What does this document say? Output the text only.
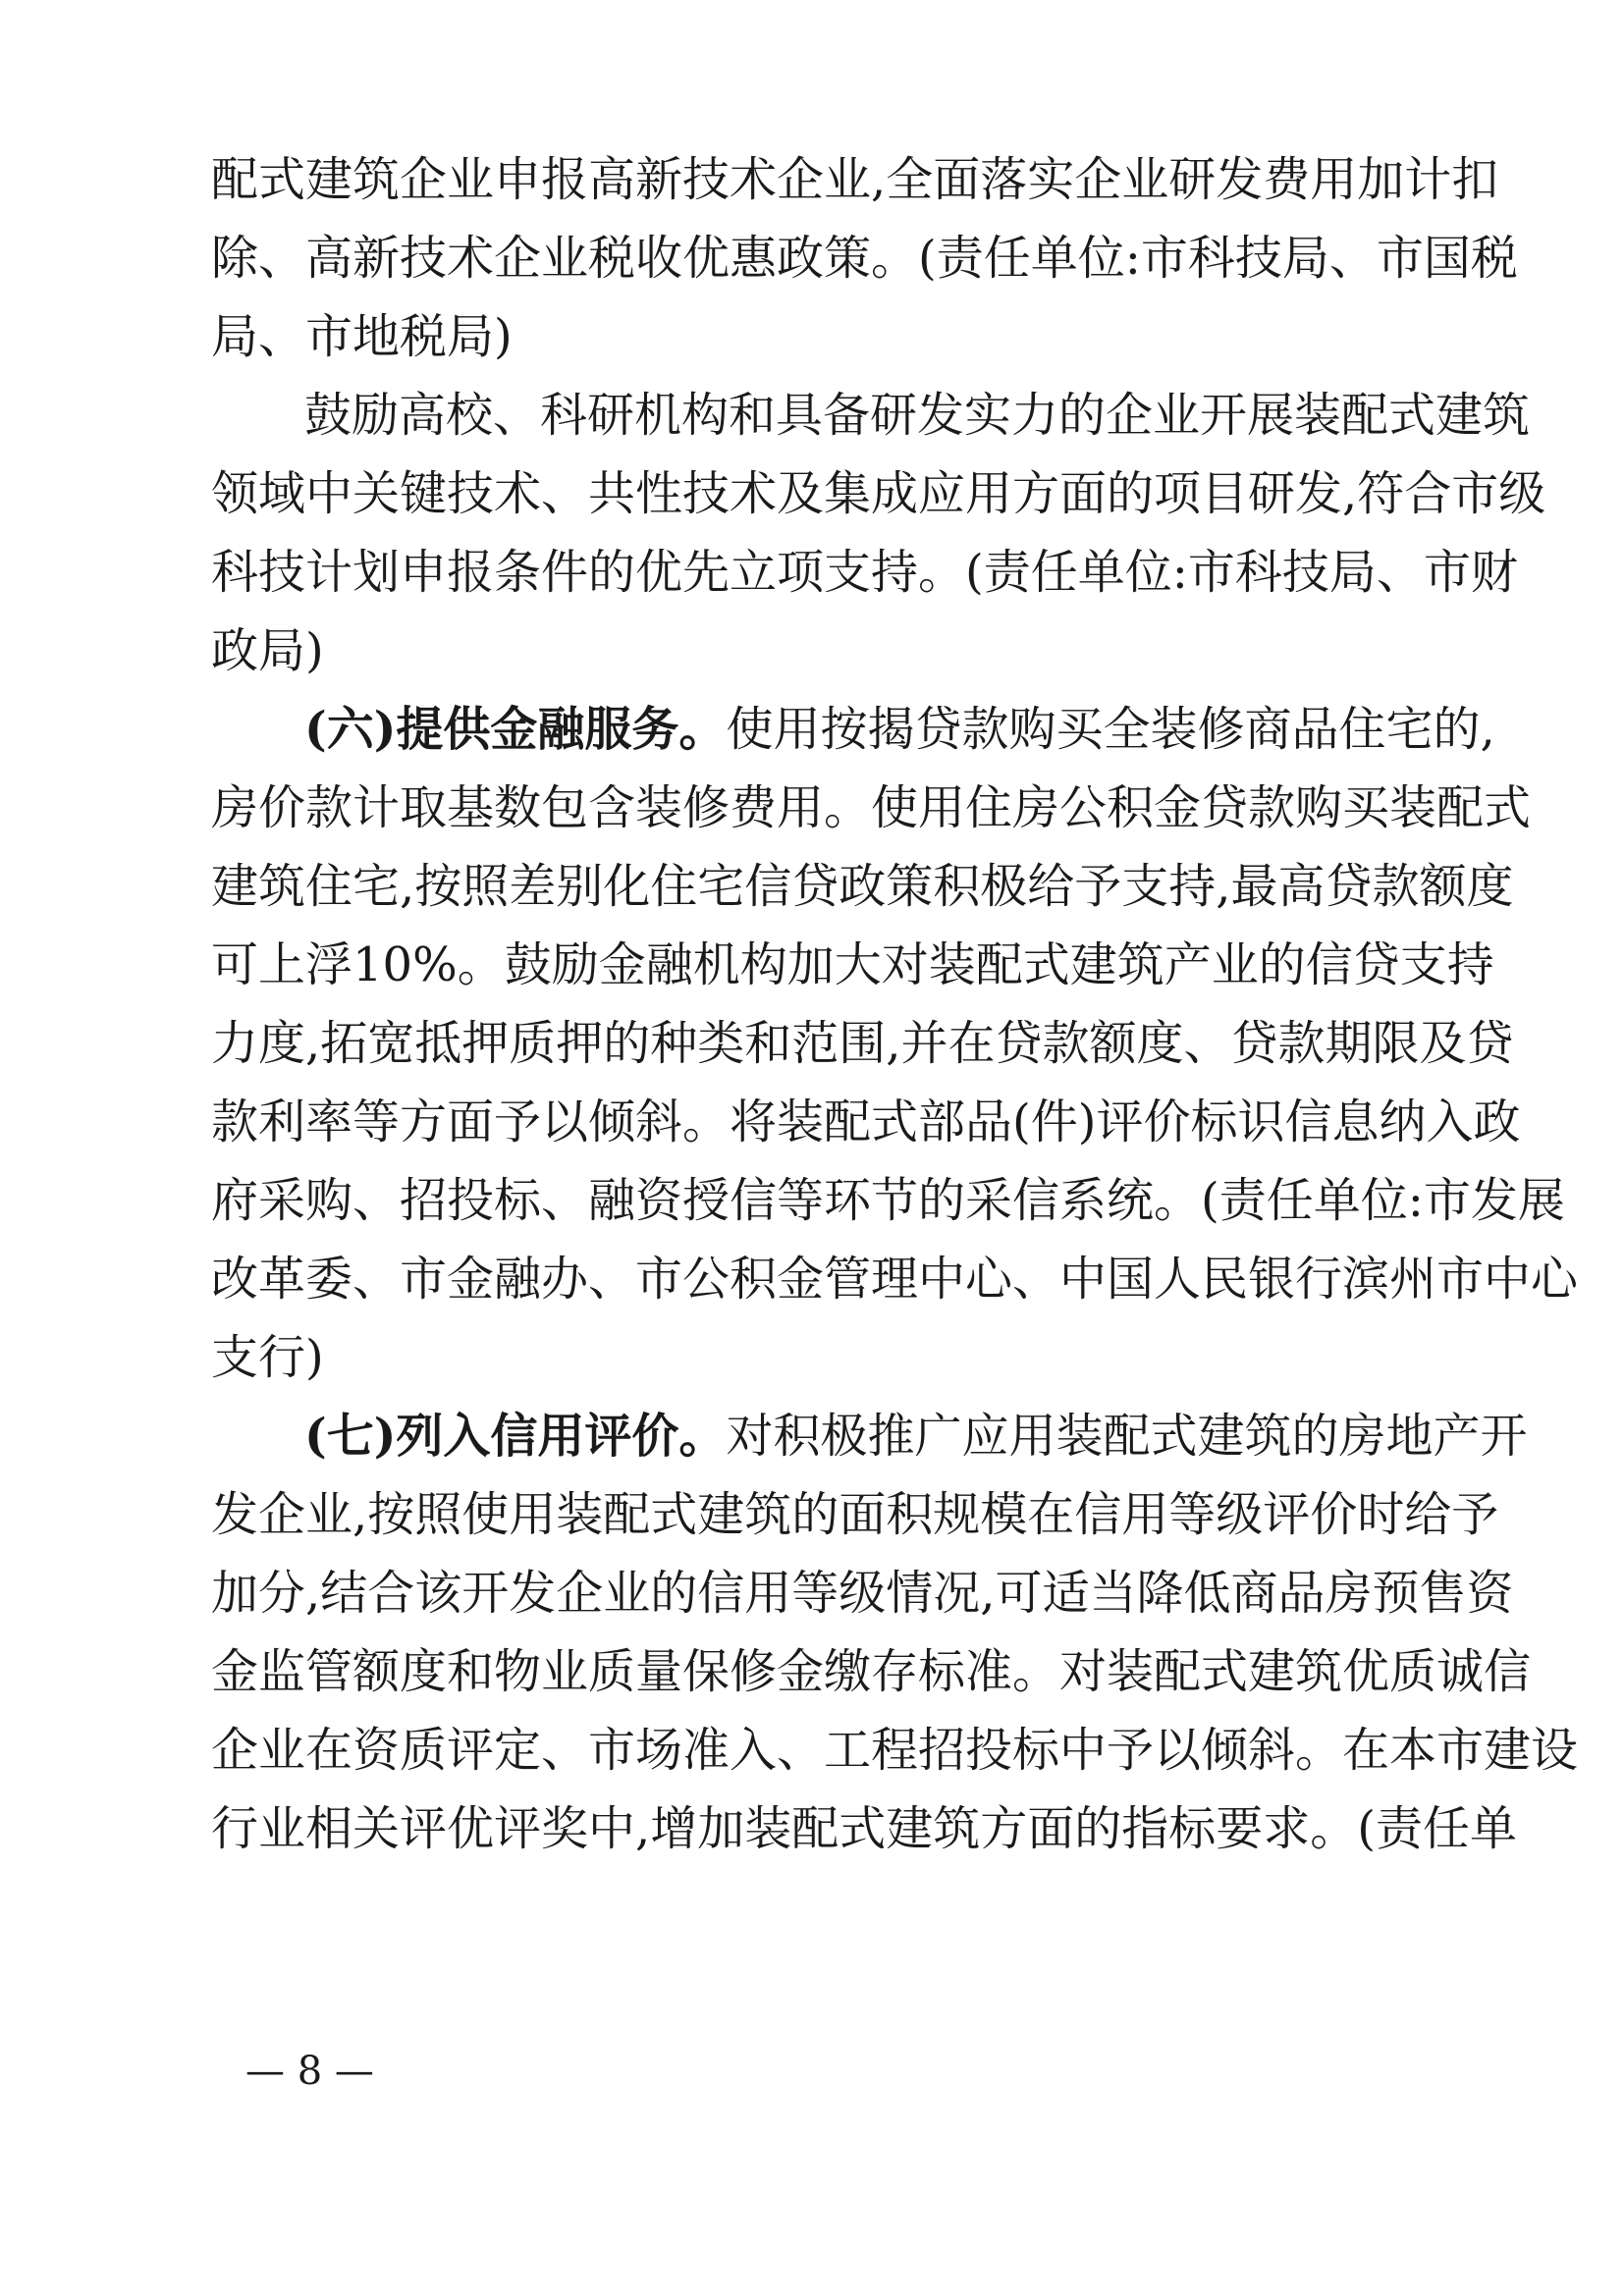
配式建筑企业申报高新技术企业,全面落实企业研发费用加计扣
除、高新技术企业税收优惠政策。(责任单位:市科技局、市国税
局、市地税局)
鼓励高校、科研机构和具备研发实力的企业开展装配式建筑
领域中关键技术、共性技术及集成应用方面的项目研发,符合市级
科技计划申报条件的优先立项支持。(责任单位:市科技局、市财
政局)
(六)提供金融服务。使用按揭贷款购买全装修商品住宅的,
房价款计取基数包含装修费用。使用住房公积金贷款购买装配式
建筑住宅,按照差别化住宅信贷政策积极给予支持,最高贷款额度
可上浮10%。鼓励金融机构加大对装配式建筑产业的信贷支持
力度,拓宽抵押质押的种类和范围,并在贷款额度、贷款期限及贷
款利率等方面予以倾斜。将装配式部品(件)评价标识信息纳入政
府采购、招投标、融资授信等环节的采信系统。(责任单位:市发展
改革委、市金融办、市公积金管理中心、中国人民银行滨州市中心
支行)
(七)列入信用评价。对积极推广应用装配式建筑的房地产开
发企业,按照使用装配式建筑的面积规模在信用等级评价时给予
加分,结合该开发企业的信用等级情况,可适当降低商品房预售资
金监管额度和物业质量保修金缴存标准。对装配式建筑优质诚信
企业在资质评定、市场准入、工程招投标中予以倾斜。在本市建设
行业相关评优评奖中,增加装配式建筑方面的指标要求。(责任单
— 8 —
